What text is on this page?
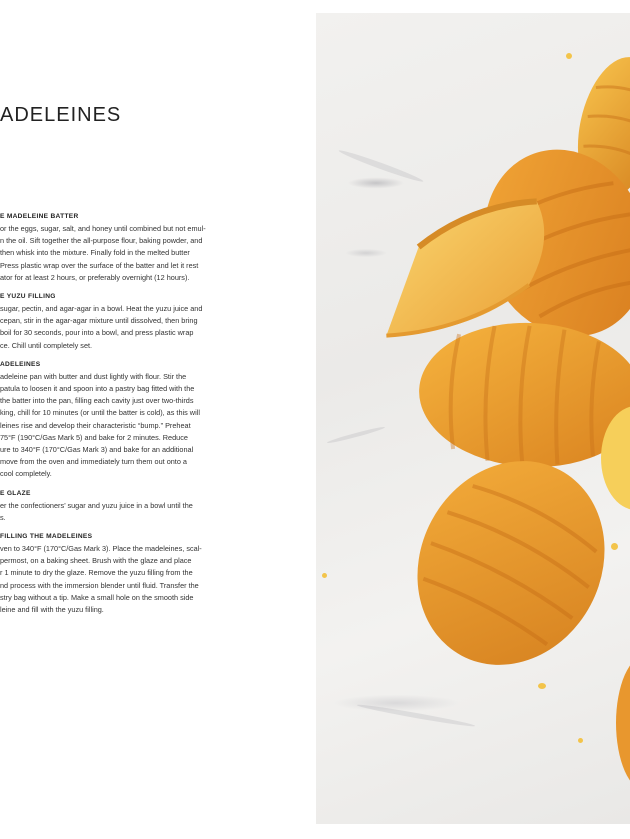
ADELEINES
E MADELEINE BATTER
or the eggs, sugar, salt, and honey until combined but not emul-
n the oil. Sift together the all-purpose flour, baking powder, and
then whisk into the mixture. Finally fold in the melted butter
Press plastic wrap over the surface of the batter and let it rest
ator for at least 2 hours, or preferably overnight (12 hours).
E YUZU FILLING
sugar, pectin, and agar-agar in a bowl. Heat the yuzu juice and
cepan, stir in the agar-agar mixture until dissolved, then bring
boil for 30 seconds, pour into a bowl, and press plastic wrap
ce. Chill until completely set.
ADELEINES
adeleine pan with butter and dust lightly with flour. Stir the
patula to loosen it and spoon into a pastry bag fitted with the
the batter into the pan, filling each cavity just over two-thirds
king, chill for 10 minutes (or until the batter is cold), as this will
leines rise and develop their characteristic “bump.” Preheat
75°F (190°C/Gas Mark 5) and bake for 2 minutes. Reduce
ure to 340°F (170°C/Gas Mark 3) and bake for an additional
move from the oven and immediately turn them out onto a
cool completely.
E GLAZE
er the confectioners’ sugar and yuzu juice in a bowl until the
s.
FILLING THE MADELEINES
ven to 340°F (170°C/Gas Mark 3). Place the madeleines, scal-
permost, on a baking sheet. Brush with the glaze and place
r 1 minute to dry the glaze. Remove the yuzu filling from the
nd process with the immersion blender until fluid. Transfer the
stry bag without a tip. Make a small hole on the smooth side
leine and fill with the yuzu filling.
